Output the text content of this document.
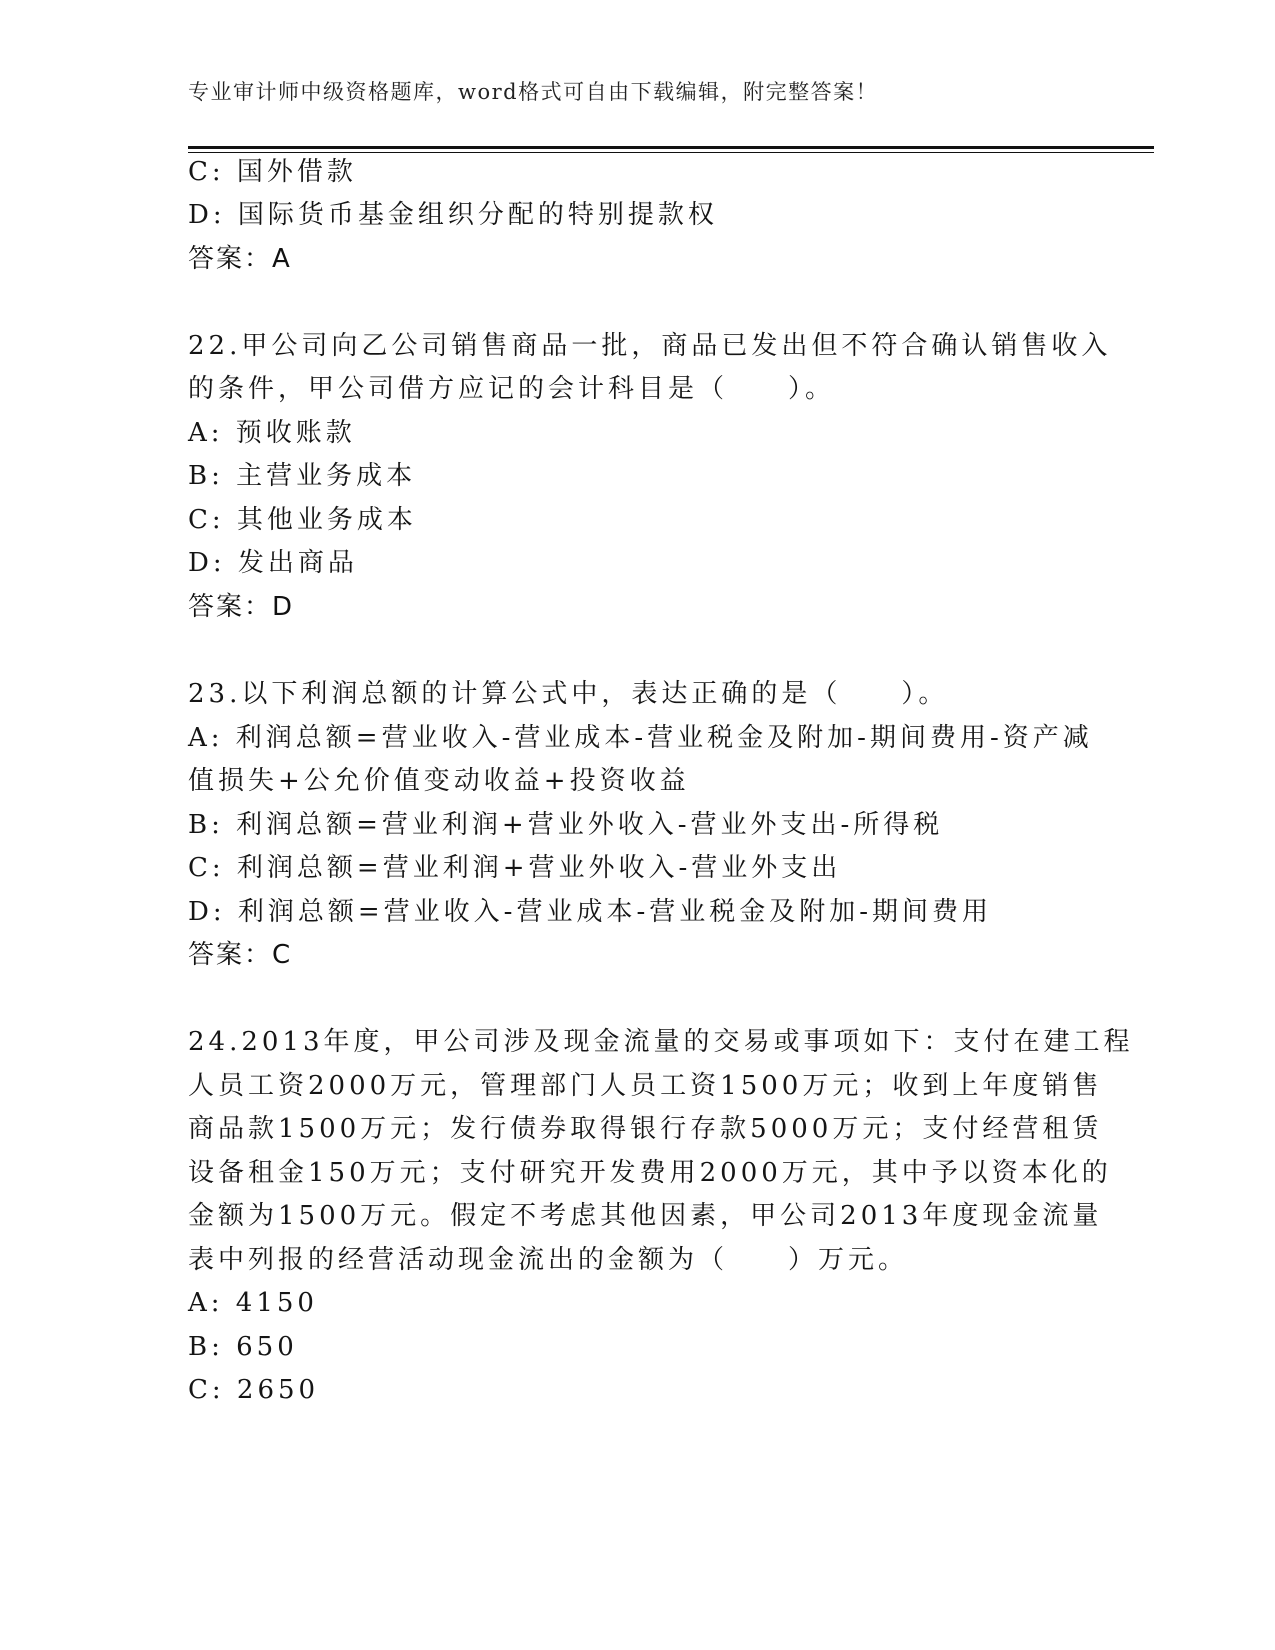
专业审计师中级资格题库，word格式可自由下载编辑，附完整答案！
C: 国外借款
D: 国际货币基金组织分配的特别提款权
答案：A
22.甲公司向乙公司销售商品一批，商品已发出但不符合确认销售收入
的条件，甲公司借方应记的会计科目是（　　）。
A: 预收账款
B: 主营业务成本
C: 其他业务成本
D: 发出商品
答案：D
23.以下利润总额的计算公式中，表达正确的是（　　）。
A: 利润总额=营业收入-营业成本-营业税金及附加-期间费用-资产减
值损失+公允价值变动收益+投资收益
B: 利润总额=营业利润+营业外收入-营业外支出-所得税
C: 利润总额=营业利润+营业外收入-营业外支出
D: 利润总额=营业收入-营业成本-营业税金及附加-期间费用
答案：C
24.2013年度，甲公司涉及现金流量的交易或事项如下：支付在建工程
人员工资2000万元，管理部门人员工资1500万元；收到上年度销售
商品款1500万元；发行债券取得银行存款5000万元；支付经营租赁
设备租金150万元；支付研究开发费用2000万元，其中予以资本化的
金额为1500万元。假定不考虑其他因素，甲公司2013年度现金流量
表中列报的经营活动现金流出的金额为（　　）万元。
A: 4150
B: 650
C: 2650
